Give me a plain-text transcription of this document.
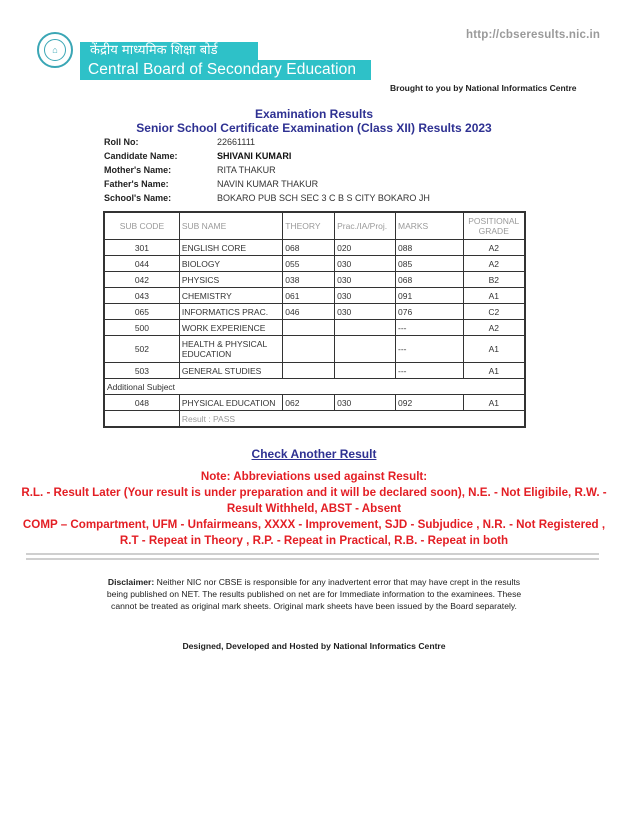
http://cbseresults.nic.in
⌂ केंद्रीय माध्यमिक शिक्षा बोर्ड
Central Board of Secondary Education
Brought to you by National Informatics Centre
Examination Results
Senior School Certificate Examination (Class XII) Results 2023
Roll No:	22661111
Candidate Name:	SHIVANI KUMARI
Mother's Name:	RITA THAKUR
Father's Name:	NAVIN KUMAR THAKUR
School's Name:	BOKARO PUB SCH SEC 3 C B S CITY BOKARO JH
SUB CODE	SUB NAME	THEORY	Prac./IA/Proj.	MARKS	POSITIONAL GRADE
301	ENGLISH CORE	068	020	088	A2
044	BIOLOGY	055	030	085	A2
042	PHYSICS	038	030	068	B2
043	CHEMISTRY	061	030	091	A1
065	INFORMATICS PRAC.	046	030	076	C2
500	WORK EXPERIENCE			---	A2
502	HEALTH & PHYSICAL EDUCATION			---	A1
503	GENERAL STUDIES			---	A1
Additional Subject					
048	PHYSICAL EDUCATION	062	030	092	A1
	Result : PASS				
Check Another Result
Note: Abbreviations used against Result:
R.L. - Result Later (Your result is under preparation and it will be declared soon), N.E. - Not Eligibile, R.W. - Result Withheld, ABST - Absent
COMP – Compartment, UFM - Unfairmeans, XXXX - Improvement, SJD - Subjudice , N.R. - Not Registered , R.T - Repeat in Theory , R.P. - Repeat in Practical, R.B. - Repeat in both
Disclaimer: Neither NIC nor CBSE is responsible for any inadvertent error that may have crept in the results being published on NET. The results published on net are for Immediate information to the examinees. These cannot be treated as original mark sheets. Original mark sheets have been issued by the Board separately.
Designed, Developed and Hosted by National Informatics Centre
